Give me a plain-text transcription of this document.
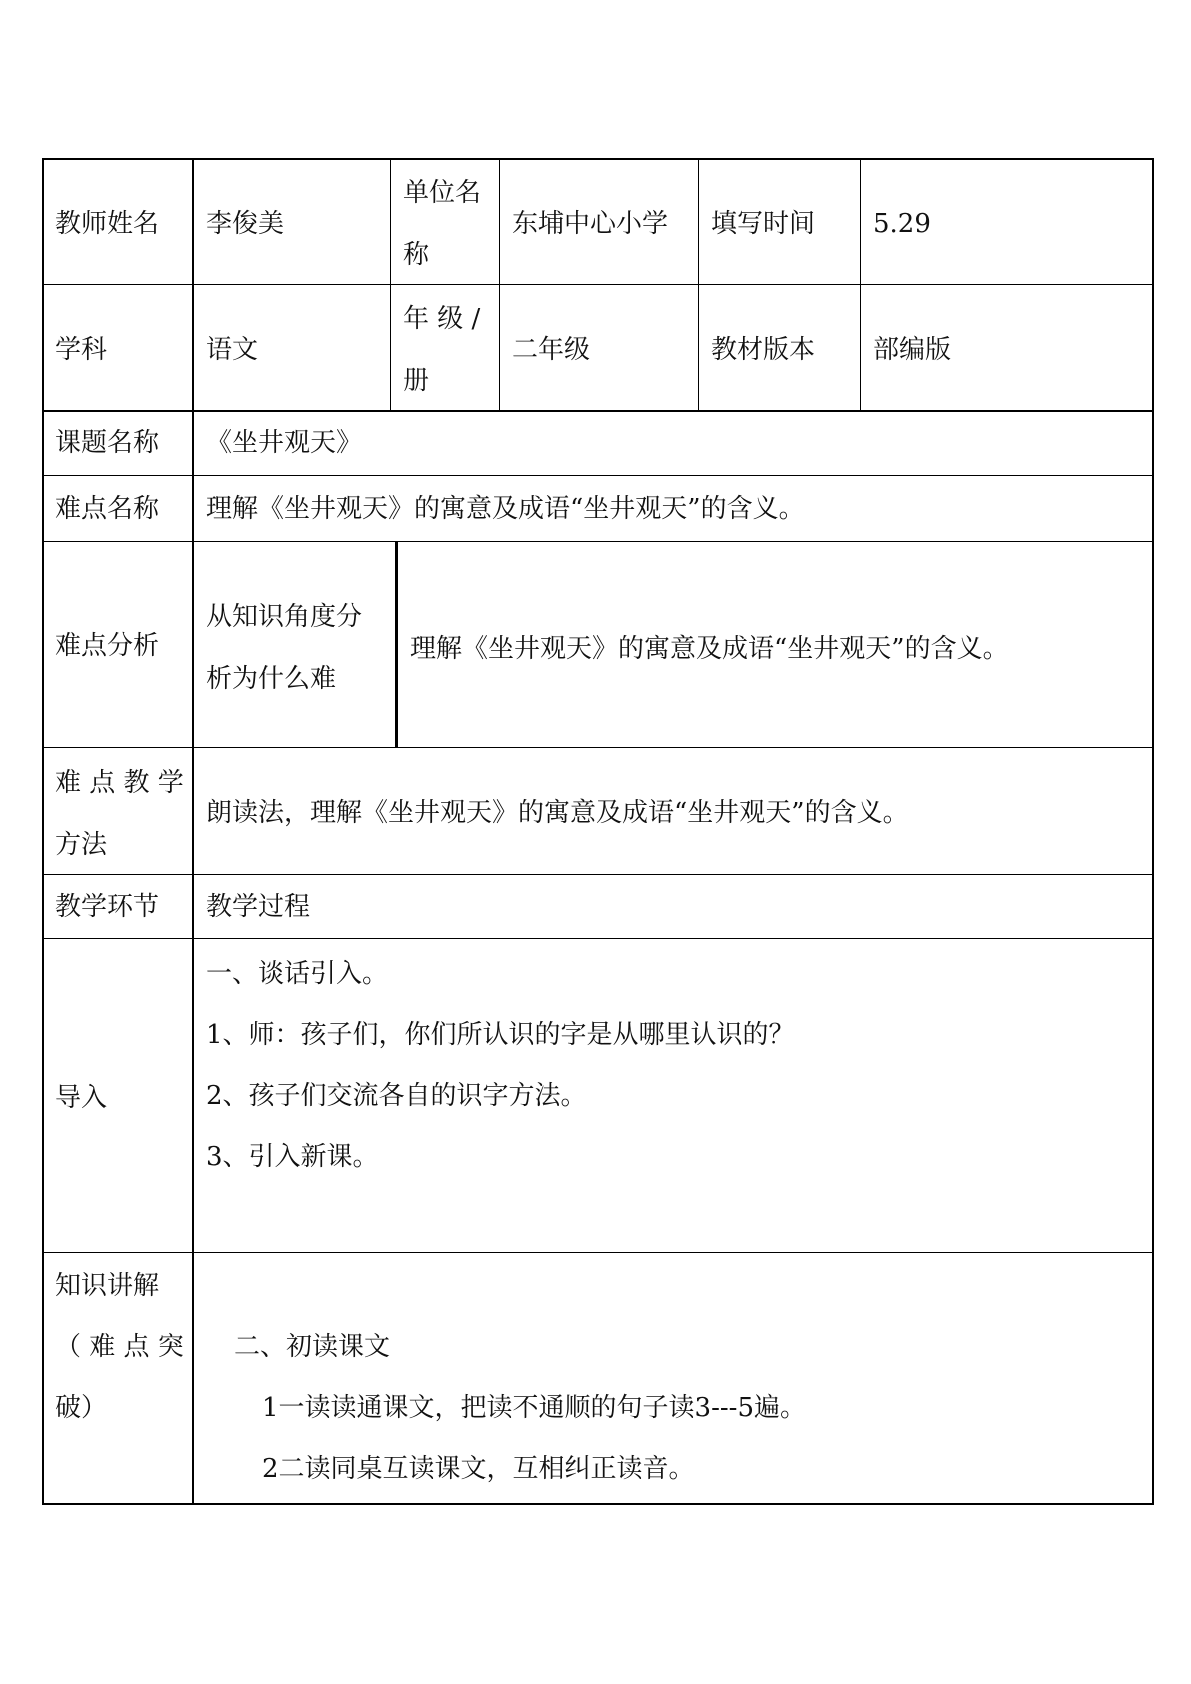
教师姓名 李俊美
单位名
称
东埔中心小学 填写时间 5.29
学科	语文
年 级 /
册
二年级	教材版本 部编版
课题名称 《坐井观天》
难点名称 理解《坐井观天》的寓意及成语“坐井观天”的含义。
难点分析
从知识角度分
析为什么难
理解《坐井观天》的寓意及成语“坐井观天”的含义。
难 点 教 学
方法
朗读法，理解《坐井观天》的寓意及成语“坐井观天”的含义。
教学环节 教学过程
导入
一、谈话引入。
1、师：孩子们，你们所认识的字是从哪里认识的？
2、孩子们交流各自的识字方法。
3、引入新课。
知识讲解
（ 难 点 突
破）
二、初读课文
1一读读通课文，把读不通顺的句子读3---5遍。
2二读同桌互读课文，互相纠正读音。
